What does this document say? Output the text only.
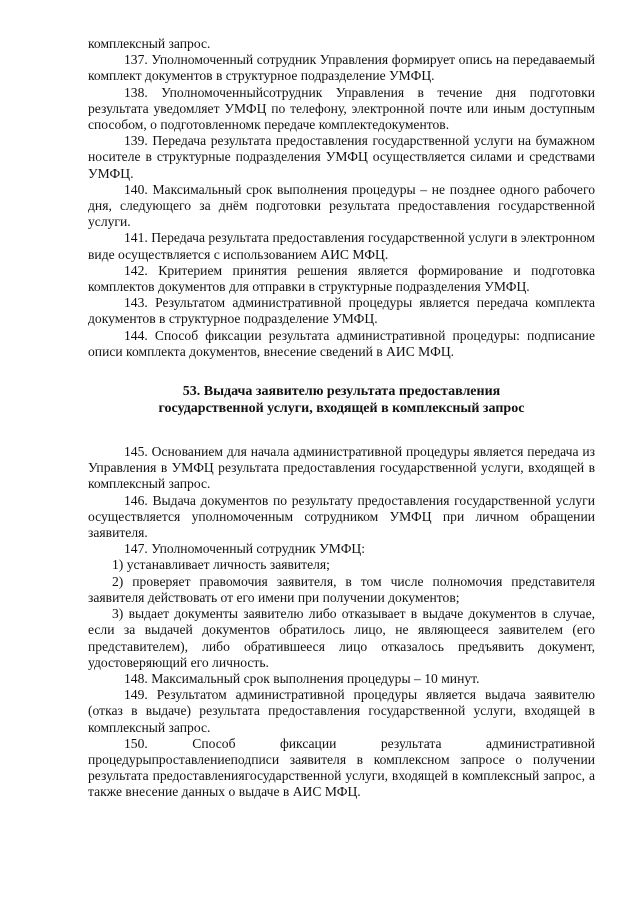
комплексный запрос.

137. Уполномоченный сотрудник Управления формирует опись на передаваемый комплект документов в структурное подразделение УМФЦ.

138. Уполномоченныйсотрудник Управления в течение дня подготовки результата уведомляет УМФЦ по телефону, электронной почте или иным доступным способом, о подготовленномк передаче комплектедокументов.

139. Передача результата предоставления государственной услуги на бумажном носителе в структурные подразделения УМФЦ осуществляется силами и средствами УМФЦ.

140. Максимальный срок выполнения процедуры – не позднее одного рабочего дня, следующего за днём подготовки результата предоставления государственной услуги.

141. Передача результата предоставления государственной услуги в электронном виде осуществляется с использованием АИС МФЦ.

142. Критерием принятия решения является формирование и подготовка комплектов документов для отправки в структурные подразделения УМФЦ.

143. Результатом административной процедуры является передача комплекта документов в структурное подразделение УМФЦ.

144. Способ фиксации результата административной процедуры: подписание описи комплекта документов, внесение сведений в АИС МФЦ.

53. Выдача заявителю результата предоставления
государственной услуги, входящей в комплексный запрос

145. Основанием для начала административной процедуры является передача из Управления в УМФЦ результата предоставления государственной услуги, входящей в комплексный запрос.

146. Выдача документов по результату предоставления государственной услуги осуществляется уполномоченным сотрудником УМФЦ при личном обращении заявителя.

147. Уполномоченный сотрудник УМФЦ:

1) устанавливает личность заявителя;

2) проверяет правомочия заявителя, в том числе полномочия представителя заявителя действовать от его имени при получении документов;

3) выдает документы заявителю либо отказывает в выдаче документов в случае, если за выдачей документов обратилось лицо, не являющееся заявителем (его представителем), либо обратившееся лицо отказалось предъявить документ, удостоверяющий его личность.

148. Максимальный срок выполнения процедуры – 10 минут.

149. Результатом административной процедуры является выдача заявителю (отказ в выдаче) результата предоставления государственной услуги, входящей в комплексный запрос.

150. Способ фиксации результата административной процедурыпроставлениеподписи заявителя в комплексном запросе о получении результата предоставлениягосударственной услуги, входящей в комплексный запрос, а также внесение данных о выдаче в АИС МФЦ.
